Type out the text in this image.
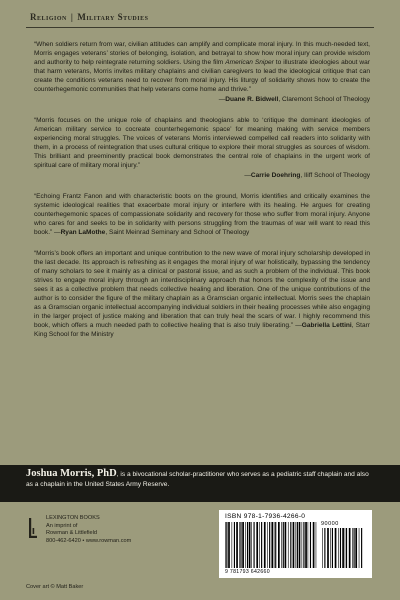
Religion | Military Studies

“When soldiers return from war, civilian attitudes can amplify and complicate moral injury. In this much-needed text, Morris engages veterans’ stories of belonging, isolation, and betrayal to show how moral injury can provide wisdom and authority to help reintegrate returning soldiers. Using the film American Sniper to illustrate ideologies about war that harm veterans, Morris invites military chaplains and civilian caregivers to lead the ideological critique that can create the conditions veterans need to recover from moral injury. His liturgy of solidarity shows how to create the counterhegemonic communities that help veterans come home and thrive.”
—Duane R. Bidwell, Claremont School of Theology

“Morris focuses on the unique role of chaplains and theologians able to ‘critique the dominant ideologies of American military service to cocreate counterhegemonic space’ for meaning making with service members experiencing moral struggles. The voices of veterans Morris interviewed compelled call readers into solidarity with them, in a process of reintegration that uses cultural critique to explore their moral struggles as sources of wisdom. This brilliant and preeminently practical book demonstrates the central role of chaplains in the urgent work of spiritual care of military moral injury.”
—Carrie Doehring, Iliff School of Theology

“Echoing Frantz Fanon and with characteristic boots on the ground, Morris identifies and critically examines the systemic ideological realities that exacerbate moral injury or interfere with its healing. He argues for creating counterhegemonic spaces of compassionate solidarity and recovery for those who suffer from moral injury. Anyone who cares for and seeks to be in solidarity with persons struggling from the traumas of war will want to read this book.” —Ryan LaMothe, Saint Meinrad Seminary and School of Theology

“Morris’s book offers an important and unique contribution to the new wave of moral injury scholarship developed in the last decade. Its approach is refreshing as it engages the moral injury of war holistically, bypassing the tendency of many scholars to see it mainly as a clinical or pastoral issue, and as such a problem of the individual. This book strives to engage moral injury through an interdisciplinary approach that honors the complexity of the issue and sees it as a collective problem that needs collective healing and liberation. One of the unique contributions of the author is to consider the figure of the military chaplain as a Gramscian organic intellectual. Morris sees the chaplain as a Gramscian organic intellectual accompanying individual soldiers in their healing processes while also engaging in the larger project of justice making and liberation that can truly heal the scars of war. I highly recommend this book, which offers a much needed path to collective healing that is also truly liberating.” —Gabriella Lettini, Starr King School for the Ministry

Joshua Morris, PhD, is a bivocational scholar-practitioner who serves as a pediatric staff chaplain and also as a chaplain in the United States Army Reserve.
LEXINGTON BOOKS
An imprint of
Rowman & Littlefield
800-462-6420 • www.rowman.com
Cover art © Matt Baker
ISBN 978-1-7936-4266-0
90000
9 781793 642660
